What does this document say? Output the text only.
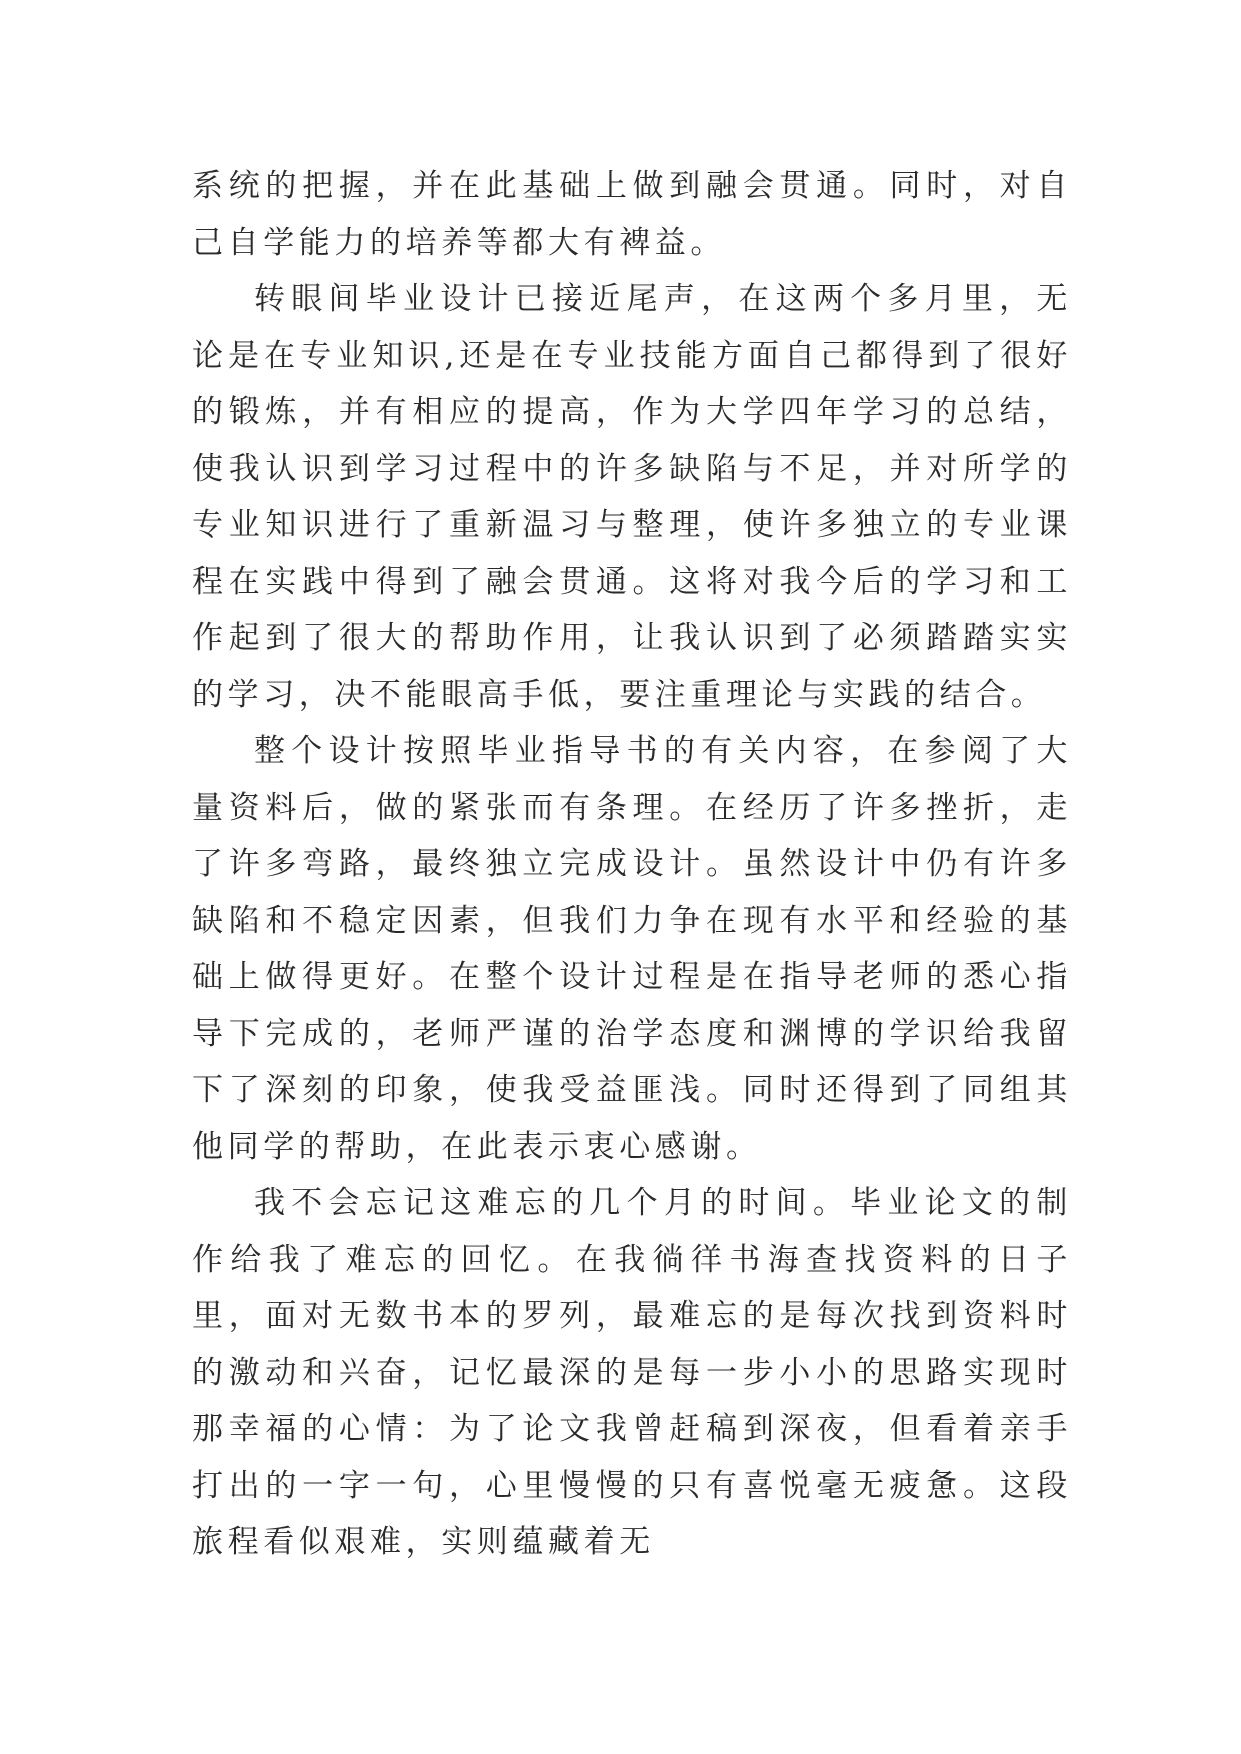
系统的把握，并在此基础上做到融会贯通。同时，对自己自学能力的培养等都大有裨益。

转眼间毕业设计已接近尾声，在这两个多月里，无论是在专业知识,还是在专业技能方面自己都得到了很好的锻炼，并有相应的提高，作为大学四年学习的总结，使我认识到学习过程中的许多缺陷与不足，并对所学的专业知识进行了重新温习与整理，使许多独立的专业课程在实践中得到了融会贯通。这将对我今后的学习和工作起到了很大的帮助作用，让我认识到了必须踏踏实实的学习，决不能眼高手低，要注重理论与实践的结合。

整个设计按照毕业指导书的有关内容，在参阅了大量资料后，做的紧张而有条理。在经历了许多挫折，走了许多弯路，最终独立完成设计。虽然设计中仍有许多缺陷和不稳定因素，但我们力争在现有水平和经验的基础上做得更好。在整个设计过程是在指导老师的悉心指导下完成的，老师严谨的治学态度和渊博的学识给我留下了深刻的印象，使我受益匪浅。同时还得到了同组其他同学的帮助，在此表示衷心感谢。

我不会忘记这难忘的几个月的时间。毕业论文的制作给我了难忘的回忆。在我徜徉书海查找资料的日子里，面对无数书本的罗列，最难忘的是每次找到资料时的激动和兴奋，记忆最深的是每一步小小的思路实现时那幸福的心情：为了论文我曾赶稿到深夜，但看着亲手打出的一字一句，心里慢慢的只有喜悦毫无疲惫。这段旅程看似艰难，实则蕴藏着无
